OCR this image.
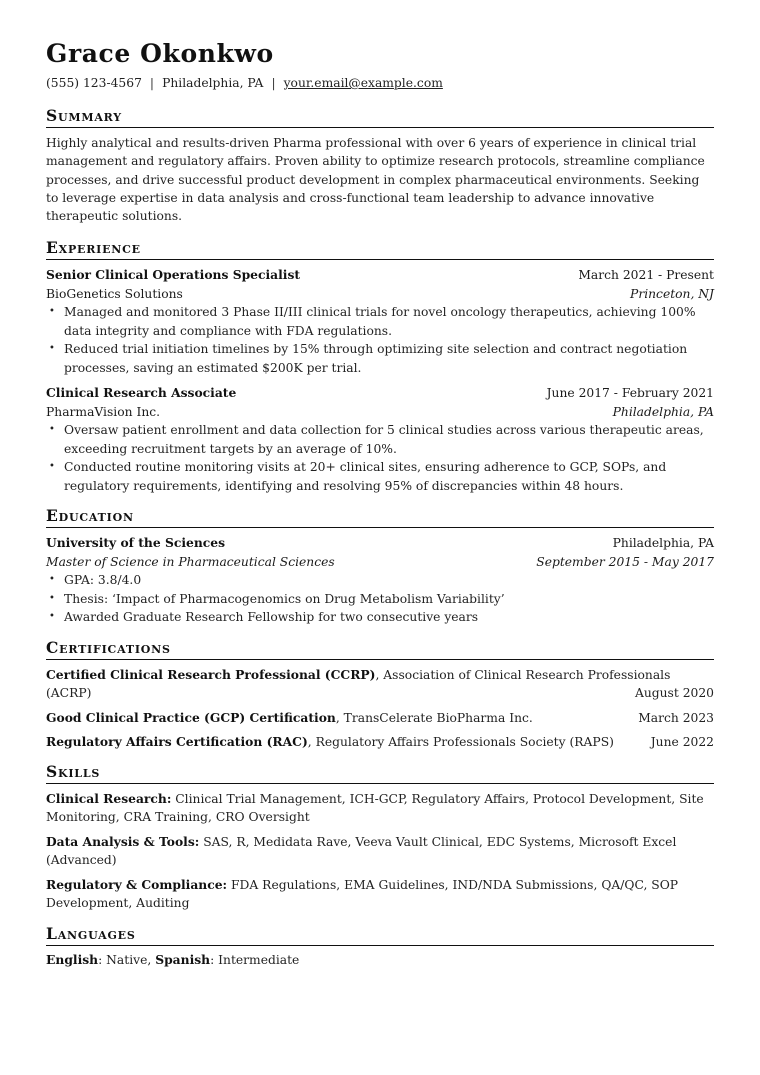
Grace Okonkwo
(555) 123-4567 | Philadelphia, PA | your.email@example.com
Summary
Highly analytical and results-driven Pharma professional with over 6 years of experience in clinical trial management and regulatory affairs. Proven ability to optimize research protocols, streamline compliance processes, and drive successful product development in complex pharmaceutical environments. Seeking to leverage expertise in data analysis and cross-functional team leadership to advance innovative therapeutic solutions.
Experience
Senior Clinical Operations Specialist	March 2021 - Present
BioGenetics Solutions	Princeton, NJ
• Managed and monitored 3 Phase II/III clinical trials for novel oncology therapeutics, achieving 100% data integrity and compliance with FDA regulations.
• Reduced trial initiation timelines by 15% through optimizing site selection and contract negotiation processes, saving an estimated $200K per trial.
Clinical Research Associate	June 2017 - February 2021
PharmaVision Inc.	Philadelphia, PA
• Oversaw patient enrollment and data collection for 5 clinical studies across various therapeutic areas, exceeding recruitment targets by an average of 10%.
• Conducted routine monitoring visits at 20+ clinical sites, ensuring adherence to GCP, SOPs, and regulatory requirements, identifying and resolving 95% of discrepancies within 48 hours.
Education
University of the Sciences	Philadelphia, PA
Master of Science in Pharmaceutical Sciences	September 2015 - May 2017
• GPA: 3.8/4.0
• Thesis: ‘Impact of Pharmacogenomics on Drug Metabolism Variability’
• Awarded Graduate Research Fellowship for two consecutive years
Certifications
Certified Clinical Research Professional (CCRP), Association of Clinical Research Professionals
(ACRP)	August 2020
Good Clinical Practice (GCP) Certification, TransCelerate BioPharma Inc.	March 2023
Regulatory Affairs Certification (RAC), Regulatory Affairs Professionals Society (RAPS)	June 2022
Skills
Clinical Research: Clinical Trial Management, ICH-GCP, Regulatory Affairs, Protocol Development, Site Monitoring, CRA Training, CRO Oversight
Data Analysis & Tools: SAS, R, Medidata Rave, Veeva Vault Clinical, EDC Systems, Microsoft Excel (Advanced)
Regulatory & Compliance: FDA Regulations, EMA Guidelines, IND/NDA Submissions, QA/QC, SOP Development, Auditing
Languages
English: Native, Spanish: Intermediate
